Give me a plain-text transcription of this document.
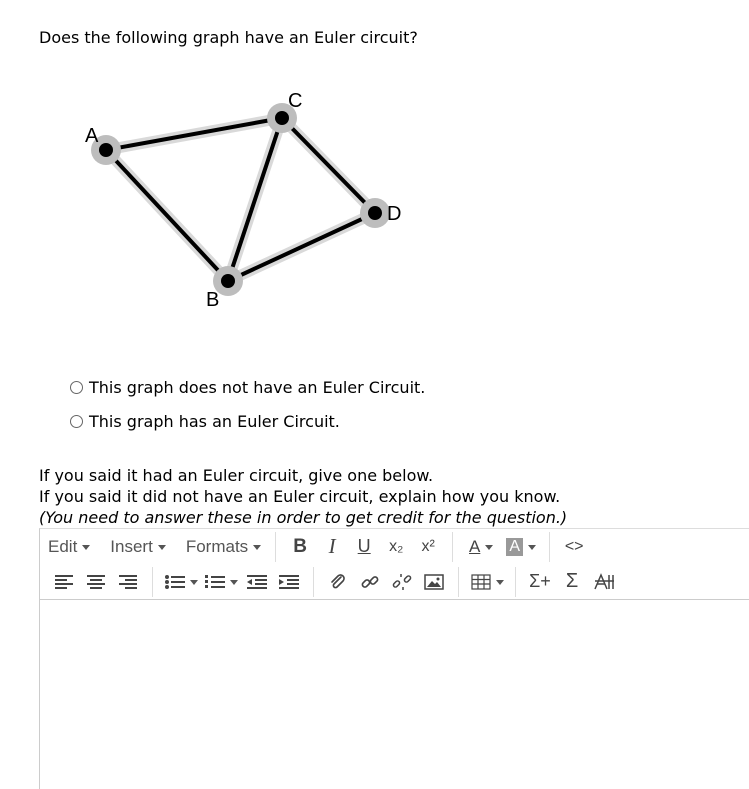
Does the following graph have an Euler circuit?
A
B
C
D
This graph does not have an Euler Circuit.
This graph has an Euler Circuit.
If you said it had an Euler circuit, give one below.
If you said it did not have an Euler circuit, explain how you know.
(You need to answer these in order to get credit for the question.)
Edit Insert Formats	B	I	U	x₂	x²	A A	<>
Σ+ Σ
